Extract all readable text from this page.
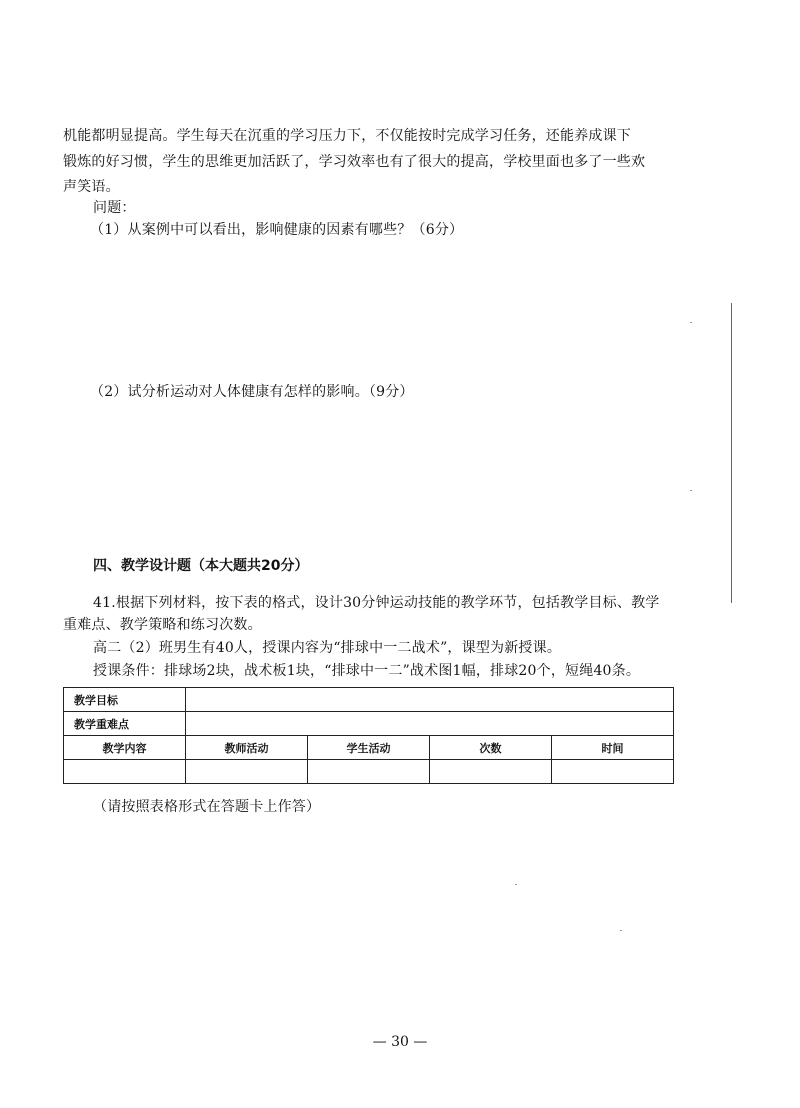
机能都明显提高。学生每天在沉重的学习压力下，不仅能按时完成学习任务，还能养成课下
锻炼的好习惯，学生的思维更加活跃了，学习效率也有了很大的提高，学校里面也多了一些欢
声笑语。
问题：
（1）从案例中可以看出，影响健康的因素有哪些？（6分）
（2）试分析运动对人体健康有怎样的影响。（9分）
四、教学设计题（本大题共20分）
41.根据下列材料，按下表的格式，设计30分钟运动技能的教学环节，包括教学目标、教学
重难点、教学策略和练习次数。
高二（2）班男生有40人，授课内容为“排球中一二战术”，课型为新授课。
授课条件：排球场2块，战术板1块，“排球中一二”战术图1幅，排球20个，短绳40条。
教学目标				
教学重难点				
教学内容	教师活动	学生活动	次数	时间

（请按照表格形式在答题卡上作答）
— 30 —
